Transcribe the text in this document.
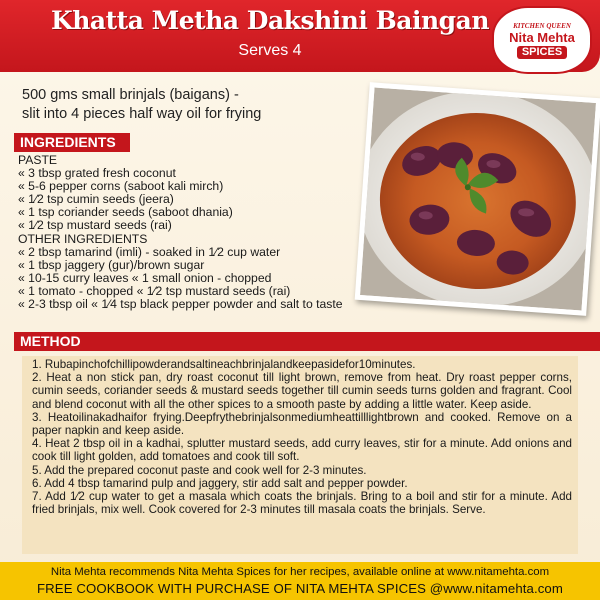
Khatta Metha Dakshini Baingan
Serves 4
KITCHEN QUEEN
Nita Mehta
SPICES
500 gms small brinjals (baigans) -
slit into 4 pieces half way oil for frying
INGREDIENTS
PASTE
« 3 tbsp grated fresh coconut
« 5-6 pepper corns (saboot kali mirch)
« 1⁄2 tsp cumin seeds (jeera)
« 1 tsp coriander seeds (saboot dhania)
« 1⁄2 tsp mustard seeds (rai)
OTHER INGREDIENTS
« 2 tbsp tamarind (imli) - soaked in 1⁄2 cup water
« 1 tbsp jaggery (gur)/brown sugar
« 10-15 curry leaves « 1 small onion - chopped
« 1 tomato - chopped « 1⁄2 tsp mustard seeds (rai)
« 2-3 tbsp oil « 1⁄4 tsp black pepper powder and salt to taste
METHOD

1. Rubapinchofchillipowderandsaltineachbrinjalandkeepasidefor10minutes.

2. Heat a non stick pan, dry roast coconut till light brown, remove from heat. Dry roast pepper corns, cumin seeds, coriander seeds & mustard seeds together till cumin seeds turns golden and fragrant. Cool and blend coconut with all the other spices to a smooth paste by adding a little water. Keep aside.

3. Heatoilinakadhaifor frying.Deepfrythebrinjalsonmediumheattilllightbrown and cooked. Remove on a paper napkin and keep aside.

4. Heat 2 tbsp oil in a kadhai, splutter mustard seeds, add curry leaves, stir for a minute. Add onions and cook till light golden, add tomatoes and cook till soft.

5. Add the prepared coconut paste and cook well for 2-3 minutes.

6. Add 4 tbsp tamarind pulp and jaggery, stir add salt and pepper powder.

7. Add 1⁄2 cup water to get a masala which coats the brinjals. Bring to a boil and stir for a minute. Add fried brinjals, mix well. Cook covered for 2-3 minutes till masala coats the brinjals. Serve.

Nita Mehta recommends Nita Mehta Spices for her recipes, available online at www.nitamehta.com
FREE COOKBOOK WITH PURCHASE OF NITA MEHTA SPICES @www.nitamehta.com
